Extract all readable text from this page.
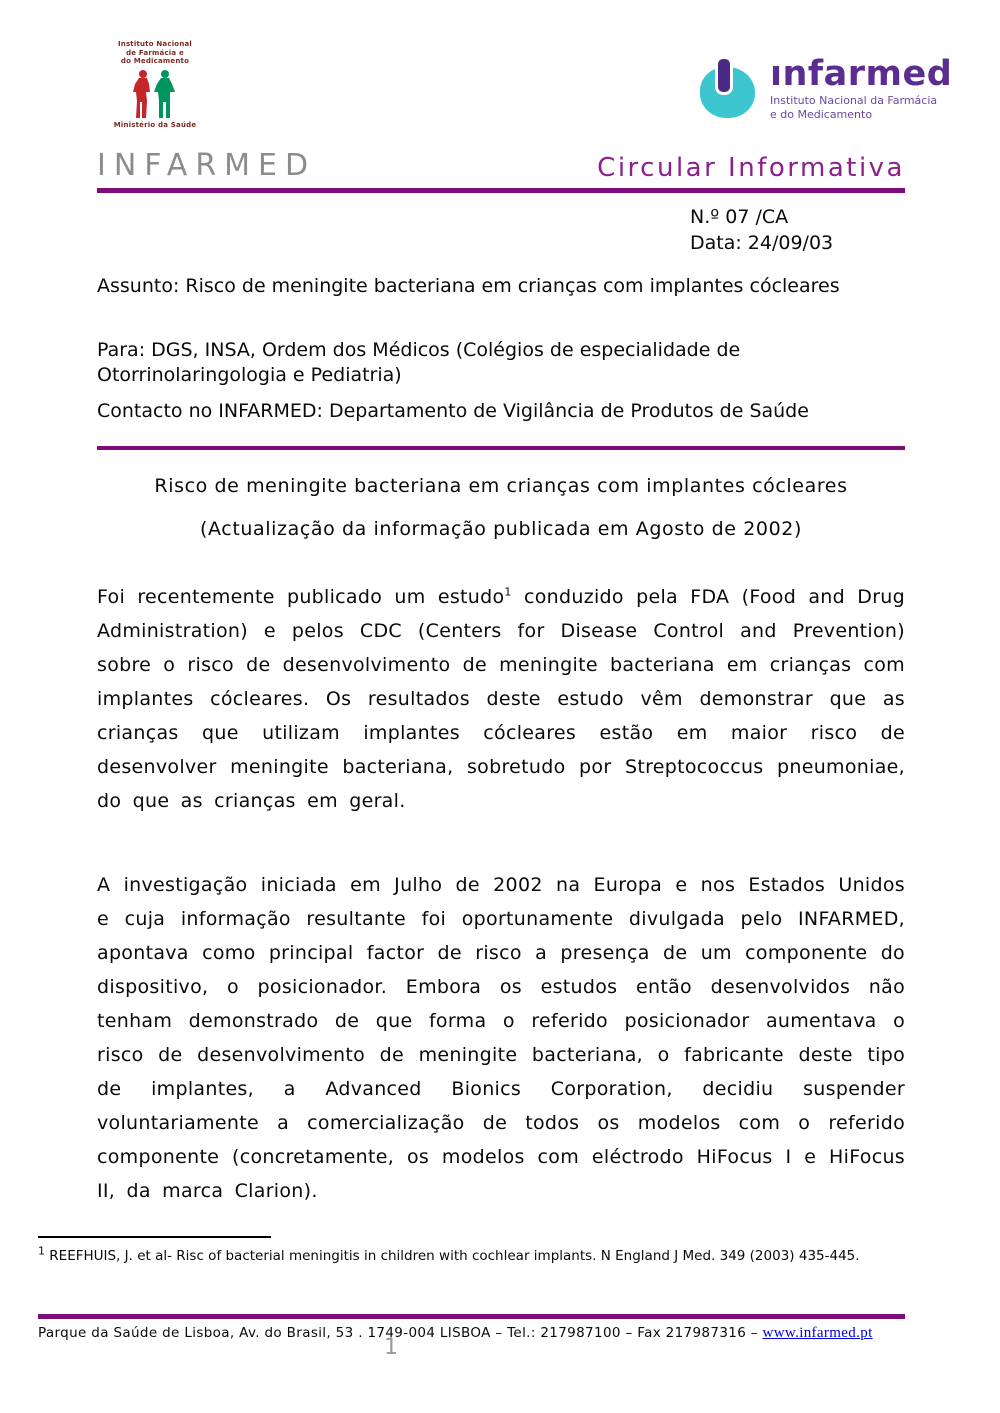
Instituto Nacional
de Farmácia e
do Medicamento
Ministério da Saúde
ınfarmed
Instituto Nacional da Farmácia
e do Medicamento
INFARMED	Circular Informativa
N.º 07 /CA
Data: 24/09/03
Assunto: Risco de meningite bacteriana em crianças com implantes cócleares
Para: DGS, INSA, Ordem dos Médicos (Colégios de especialidade de Otorrinolaringologia e Pediatria)
Contacto no INFARMED: Departamento de Vigilância de Produtos de Saúde
Risco de meningite bacteriana em crianças com implantes cócleares
(Actualização da informação publicada em Agosto de 2002)
Foi recentemente publicado um estudo$^1$ conduzido pela FDA (Food and Drug Administration) e pelos CDC (Centers for Disease Control and Prevention) sobre o risco de desenvolvimento de meningite bacteriana em crianças com implantes cócleares. Os resultados deste estudo vêm demonstrar que as crianças que utilizam implantes cócleares estão em maior risco de desenvolver meningite bacteriana, sobretudo por Streptococcus pneumoniae, do que as crianças em geral.
A investigação iniciada em Julho de 2002 na Europa e nos Estados Unidos e cuja informação resultante foi oportunamente divulgada pelo INFARMED, apontava como principal factor de risco a presença de um componente do dispositivo, o posicionador. Embora os estudos então desenvolvidos não tenham demonstrado de que forma o referido posicionador aumentava o risco de desenvolvimento de meningite bacteriana, o fabricante deste tipo de implantes, a Advanced Bionics Corporation, decidiu suspender voluntariamente a comercialização de todos os modelos com o referido componente (concretamente, os modelos com eléctrodo HiFocus I e HiFocus II, da marca Clarion).
$^1$ REEFHUIS, J. et al- Risc of bacterial meningitis in children with cochlear implants. N England J Med. 349 (2003) 435-445.
Parque da Saúde de Lisboa, Av. do Brasil, 53 . 1749-004 LISBOA – Tel.: 217987100 – Fax 217987316 – www.infarmed.pt
1
